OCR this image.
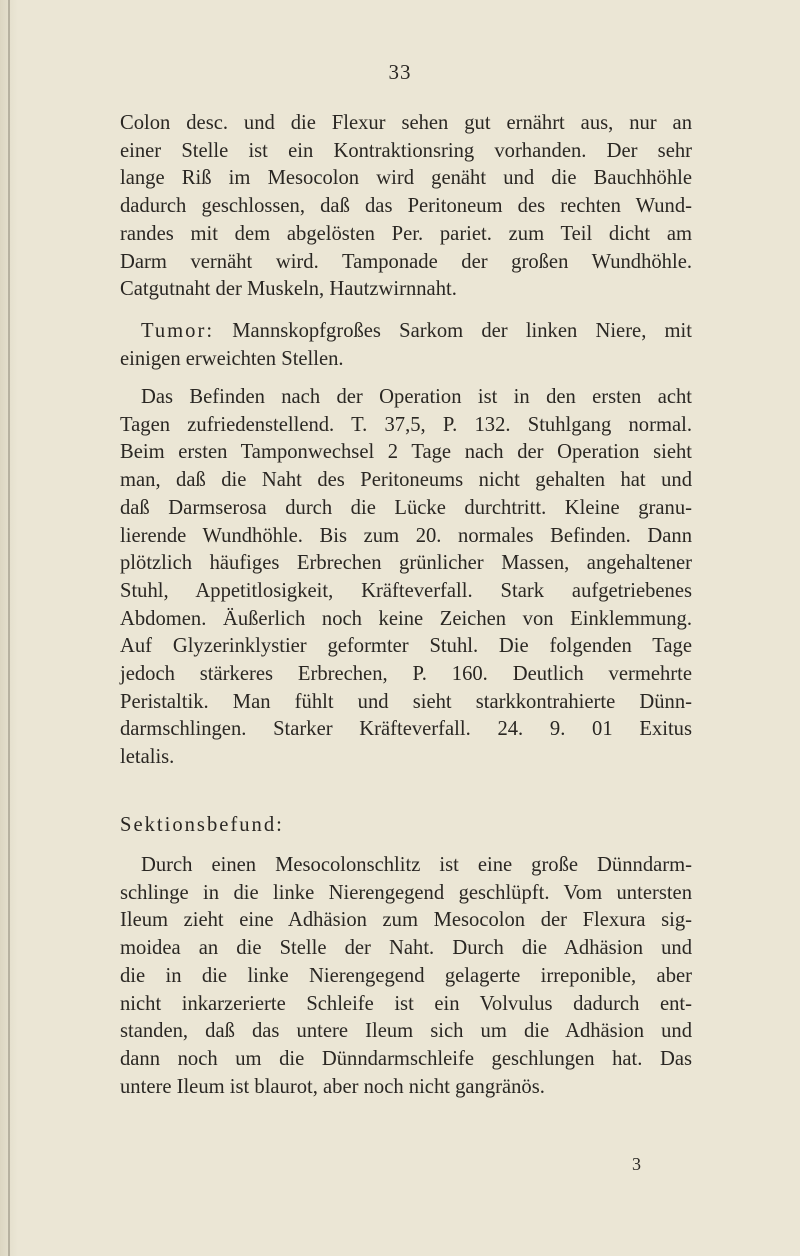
33
Colon desc. und die Flexur sehen gut ernährt aus, nur an
einer Stelle ist ein Kontraktionsring vorhanden. Der sehr
lange Riß im Mesocolon wird genäht und die Bauchhöhle
dadurch geschlossen, daß das Peritoneum des rechten Wund-
randes mit dem abgelösten Per. pariet. zum Teil dicht am
Darm vernäht wird. Tamponade der großen Wundhöhle.
Catgutnaht der Muskeln, Hautzwirnnaht.
Tumor: Mannskopfgroßes Sarkom der linken Niere, mit
einigen erweichten Stellen.
Das Befinden nach der Operation ist in den ersten acht
Tagen zufriedenstellend. T. 37,5, P. 132. Stuhlgang normal.
Beim ersten Tamponwechsel 2 Tage nach der Operation sieht
man, daß die Naht des Peritoneums nicht gehalten hat und
daß Darmserosa durch die Lücke durchtritt. Kleine granu-
lierende Wundhöhle. Bis zum 20. normales Befinden. Dann
plötzlich häufiges Erbrechen grünlicher Massen, angehaltener
Stuhl, Appetitlosigkeit, Kräfteverfall. Stark aufgetriebenes
Abdomen. Äußerlich noch keine Zeichen von Einklemmung.
Auf Glyzerinklystier geformter Stuhl. Die folgenden Tage
jedoch stärkeres Erbrechen, P. 160. Deutlich vermehrte
Peristaltik. Man fühlt und sieht starkkontrahierte Dünn-
darmschlingen. Starker Kräfteverfall. 24. 9. 01 Exitus
letalis.
Sektionsbefund:
Durch einen Mesocolonschlitz ist eine große Dünndarm-
schlinge in die linke Nierengegend geschlüpft. Vom untersten
Ileum zieht eine Adhäsion zum Mesocolon der Flexura sig-
moidea an die Stelle der Naht. Durch die Adhäsion und
die in die linke Nierengegend gelagerte irreponible, aber
nicht inkarzerierte Schleife ist ein Volvulus dadurch ent-
standen, daß das untere Ileum sich um die Adhäsion und
dann noch um die Dünndarmschleife geschlungen hat. Das
untere Ileum ist blaurot, aber noch nicht gangränös.
3
